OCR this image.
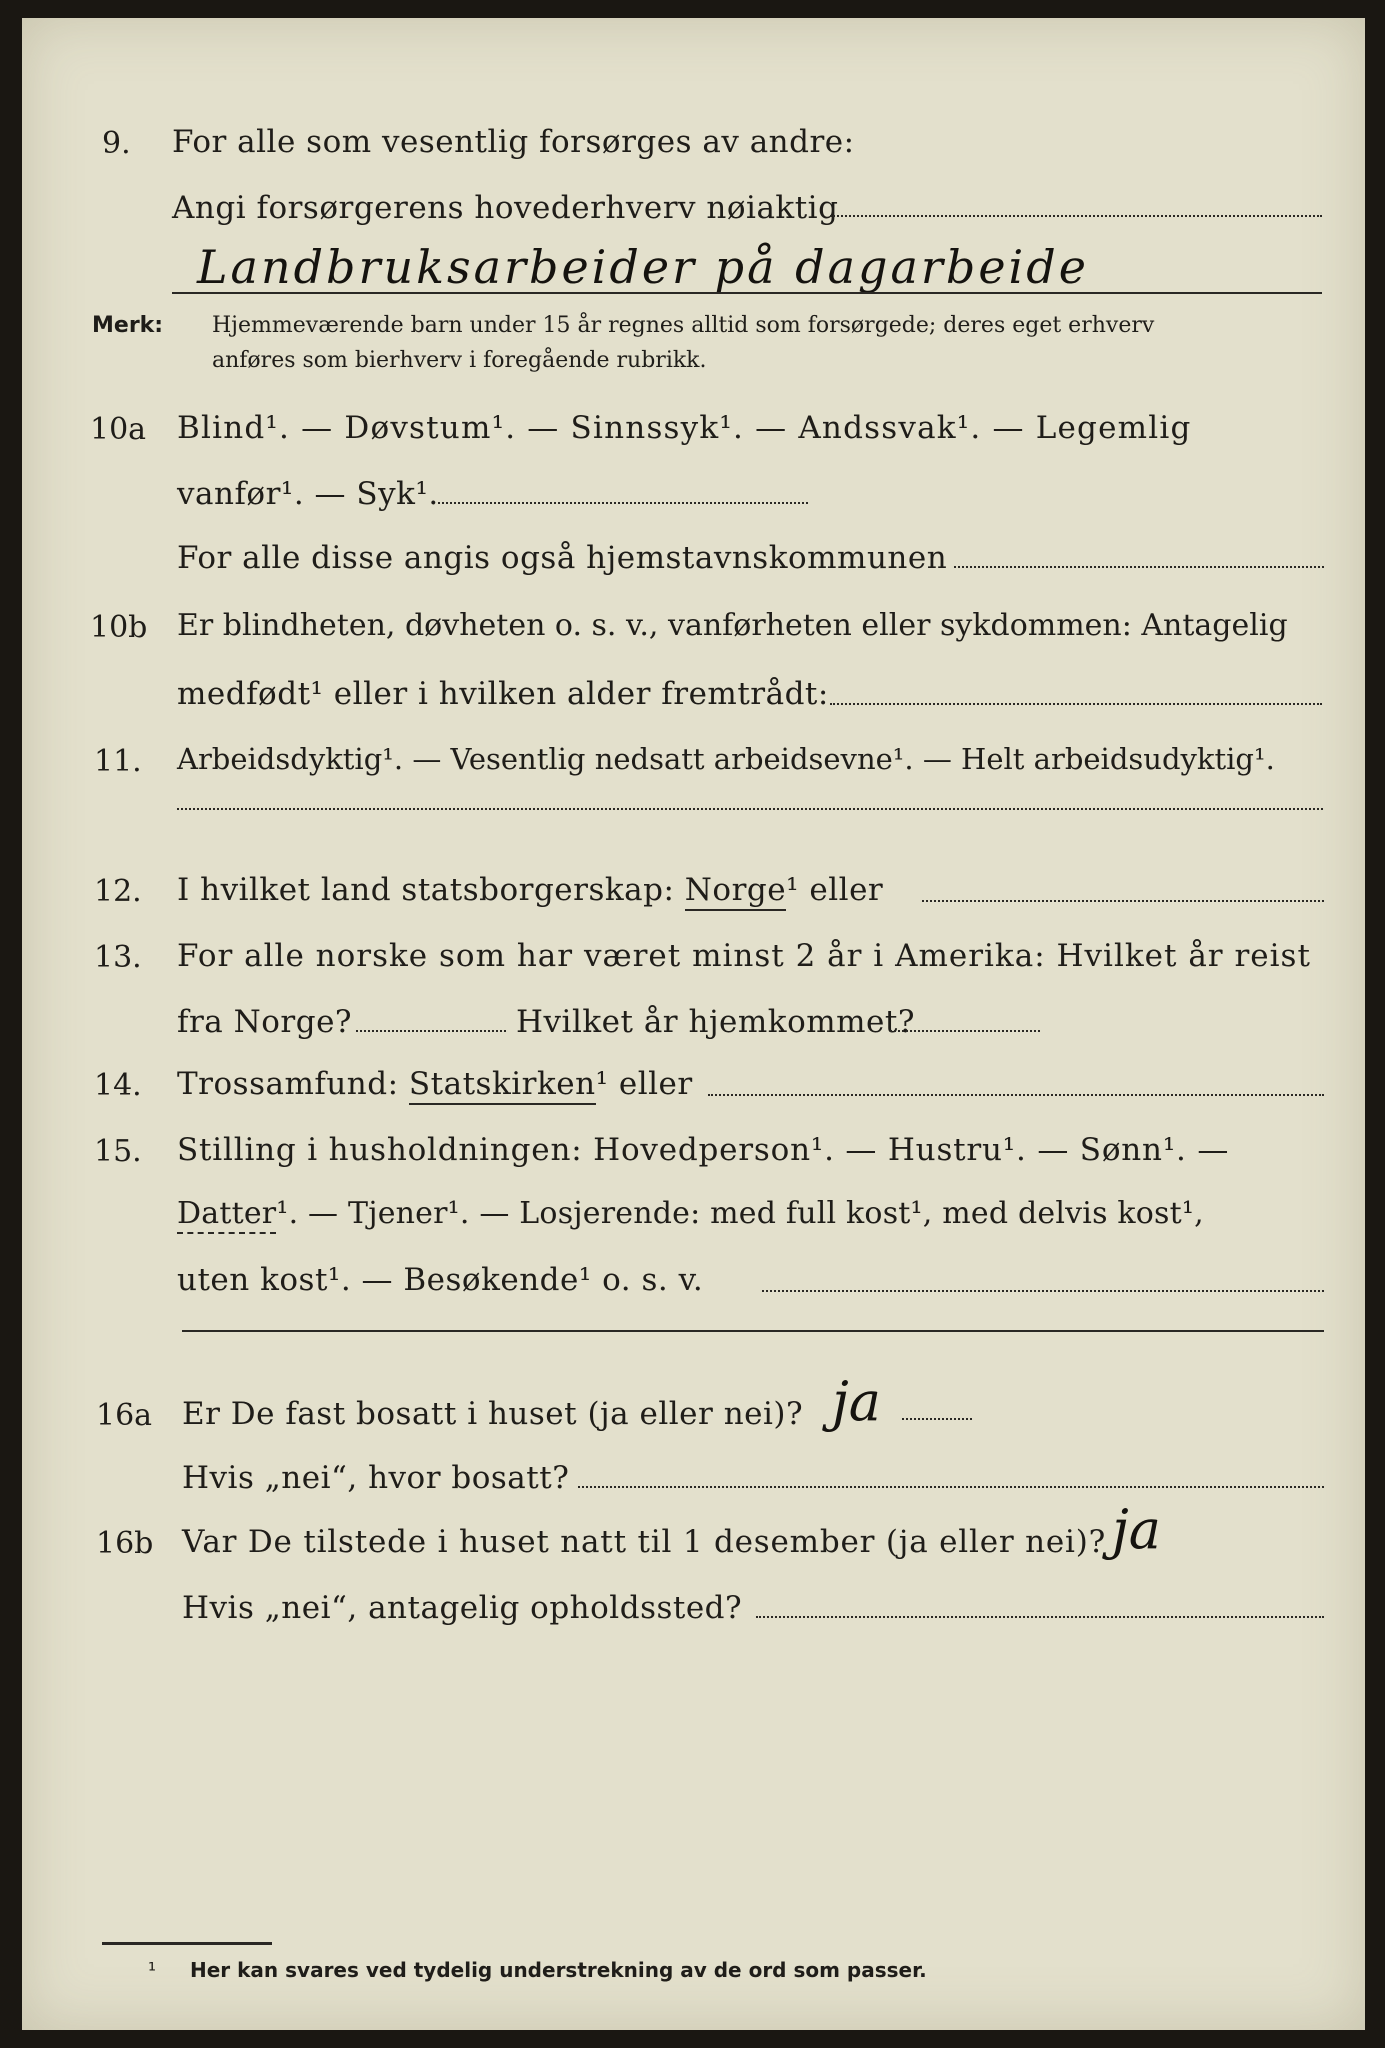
9. For alle som vesentlig forsørges av andre:
Angi forsørgerens hovederhverv nøiaktig
Landbruksarbeider på dagarbeide
Merk: Hjemmeværende barn under 15 år regnes alltid som forsørgede; deres eget erhverv
anføres som bierhverv i foregående rubrikk.
10a Blind¹. — Døvstum¹. — Sinnssyk¹. — Andssvak¹. — Legemlig
vanfør¹. — Syk¹.
For alle disse angis også hjemstavnskommunen
10b Er blindheten, døvheten o. s. v., vanførheten eller sykdommen: Antagelig
medfødt¹ eller i hvilken alder fremtrådt:
11. Arbeidsdyktig¹. — Vesentlig nedsatt arbeidsevne¹. — Helt arbeidsudyktig¹.
12. I hvilket land statsborgerskap: Norge¹ eller
13. For alle norske som har været minst 2 år i Amerika: Hvilket år reist
fra Norge?	Hvilket år hjemkommet?
14. Trossamfund: Statskirken¹ eller
15. Stilling i husholdningen: Hovedperson¹. — Hustru¹. — Sønn¹. —
Datter¹. — Tjener¹. — Losjerende: med full kost¹, med delvis kost¹,
uten kost¹. — Besøkende¹ o. s. v.
16a Er De fast bosatt i huset (ja eller nei)? ja
Hvis „nei“, hvor bosatt?
16b Var De tilstede i huset natt til 1 desember (ja eller nei)? ja
Hvis „nei“, antagelig opholdssted?
¹ Her kan svares ved tydelig understrekning av de ord som passer.
